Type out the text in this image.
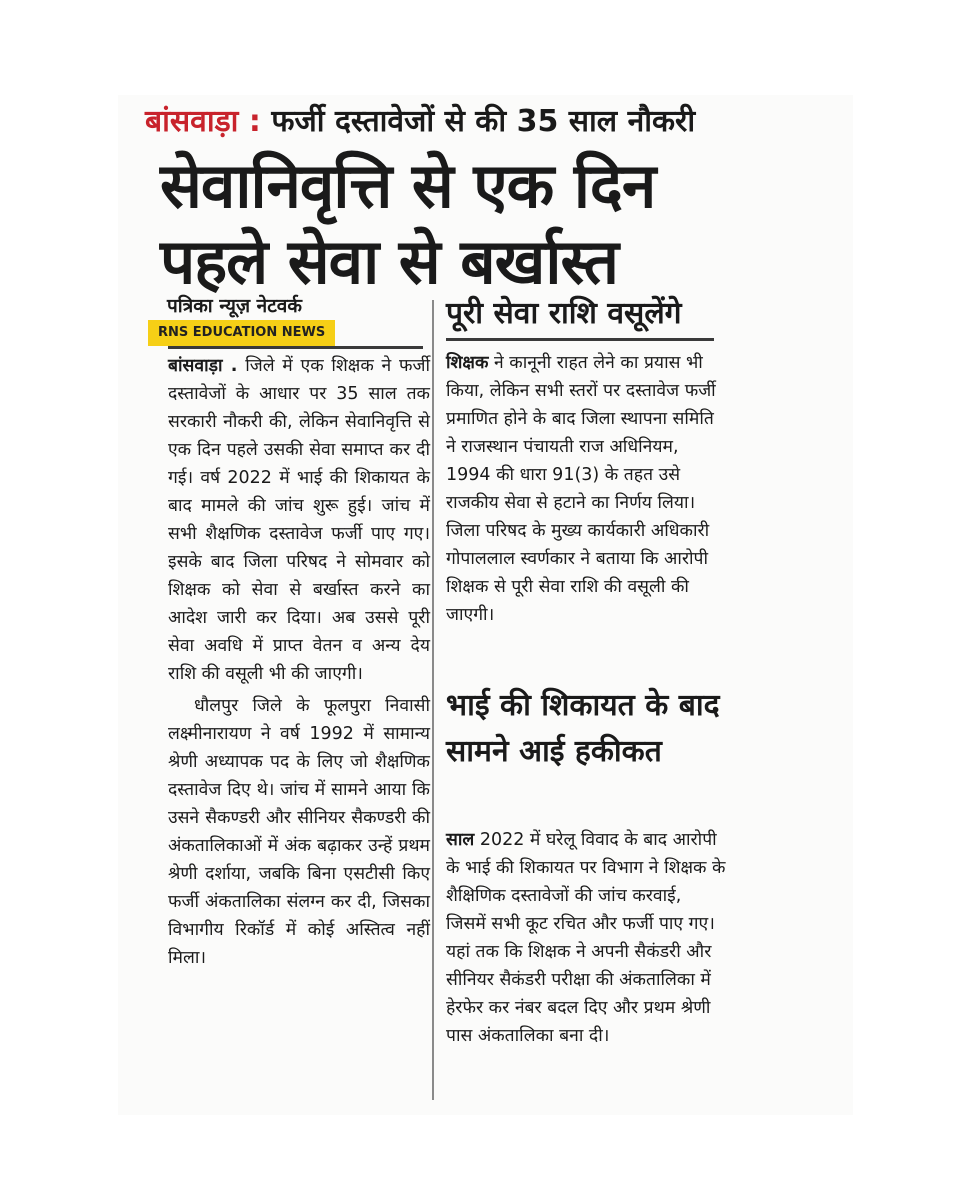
बांसवाड़ा : फर्जी दस्तावेजों से की 35 साल नौकरी
सेवानिवृत्ति से एक दिन
पहले सेवा से बर्खास्त
पत्रिका न्यूज़ नेटवर्क
RNS EDUCATION NEWS

बांसवाड़ा . जिले में एक शिक्षक ने फर्जी दस्तावेजों के आधार पर 35 साल तक सरकारी नौकरी की, लेकिन सेवानिवृत्ति से एक दिन पहले उसकी सेवा समाप्त कर दी गई। वर्ष 2022 में भाई की शिकायत के बाद मामले की जांच शुरू हुई। जांच में सभी शैक्षणिक दस्तावेज फर्जी पाए गए। इसके बाद जिला परिषद ने सोमवार को शिक्षक को सेवा से बर्खास्त करने का आदेश जारी कर दिया। अब उससे पूरी सेवा अवधि में प्राप्त वेतन व अन्य देय राशि की वसूली भी की जाएगी।

धौलपुर जिले के फूलपुरा निवासी लक्ष्मीनारायण ने वर्ष 1992 में सामान्य श्रेणी अध्यापक पद के लिए जो शैक्षणिक दस्तावेज दिए थे। जांच में सामने आया कि उसने सैकण्डरी और सीनियर सैकण्डरी की अंकतालिकाओं में अंक बढ़ाकर उन्हें प्रथम श्रेणी दर्शाया, जबकि बिना एसटीसी किए फर्जी अंकतालिका संलग्न कर दी, जिसका विभागीय रिकॉर्ड में कोई अस्तित्व नहीं मिला।

पूरी सेवा राशि वसूलेंगे

शिक्षक ने कानूनी राहत लेने का प्रयास भी किया, लेकिन सभी स्तरों पर दस्तावेज फर्जी प्रमाणित होने के बाद जिला स्थापना समिति ने राजस्थान पंचायती राज अधिनियम, 1994 की धारा 91(3) के तहत उसे राजकीय सेवा से हटाने का निर्णय लिया। जिला परिषद के मुख्य कार्यकारी अधिकारी गोपाललाल स्वर्णकार ने बताया कि आरोपी शिक्षक से पूरी सेवा राशि की वसूली की जाएगी।

भाई की शिकायत के बाद सामने आई हकीकत

साल 2022 में घरेलू विवाद के बाद आरोपी के भाई की शिकायत पर विभाग ने शिक्षक के शैक्षिणिक दस्तावेजों की जांच करवाई, जिसमें सभी कूट रचित और फर्जी पाए गए। यहां तक कि शिक्षक ने अपनी सैकंडरी और सीनियर सैकंडरी परीक्षा की अंकतालिका में हेरफेर कर नंबर बदल दिए और प्रथम श्रेणी पास अंकतालिका बना दी।
